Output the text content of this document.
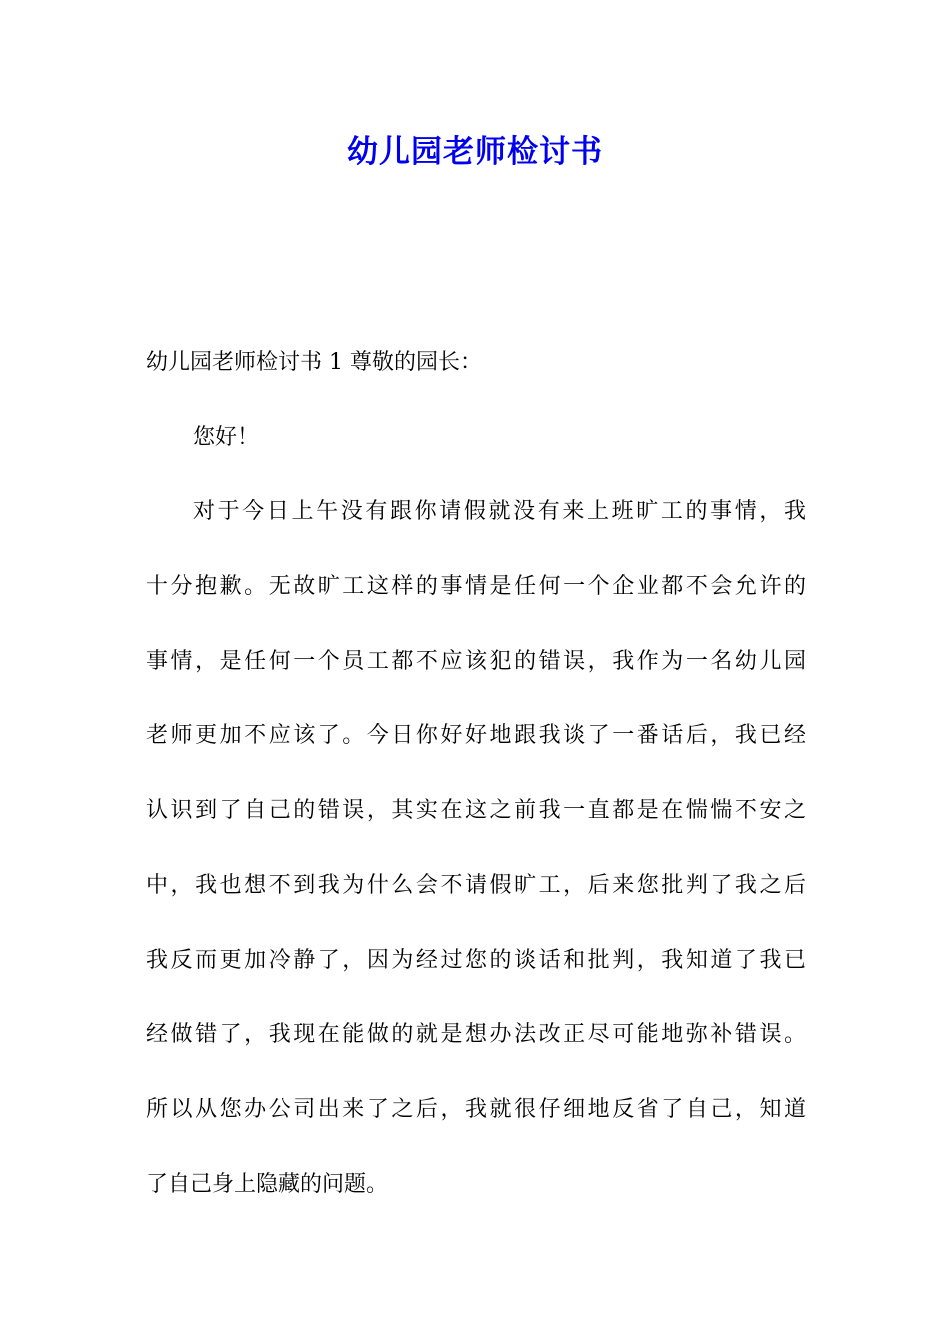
幼儿园老师检讨书
幼儿园老师检讨书 1 尊敬的园长：
您好！
对于今日上午没有跟你请假就没有来上班旷工的事情，我
十分抱歉。无故旷工这样的事情是任何一个企业都不会允许的
事情，是任何一个员工都不应该犯的错误，我作为一名幼儿园
老师更加不应该了。今日你好好地跟我谈了一番话后，我已经
认识到了自己的错误，其实在这之前我一直都是在惴惴不安之
中，我也想不到我为什么会不请假旷工，后来您批判了我之后
我反而更加冷静了，因为经过您的谈话和批判，我知道了我已
经做错了，我现在能做的就是想办法改正尽可能地弥补错误。
所以从您办公司出来了之后，我就很仔细地反省了自己，知道
了自己身上隐藏的问题。
